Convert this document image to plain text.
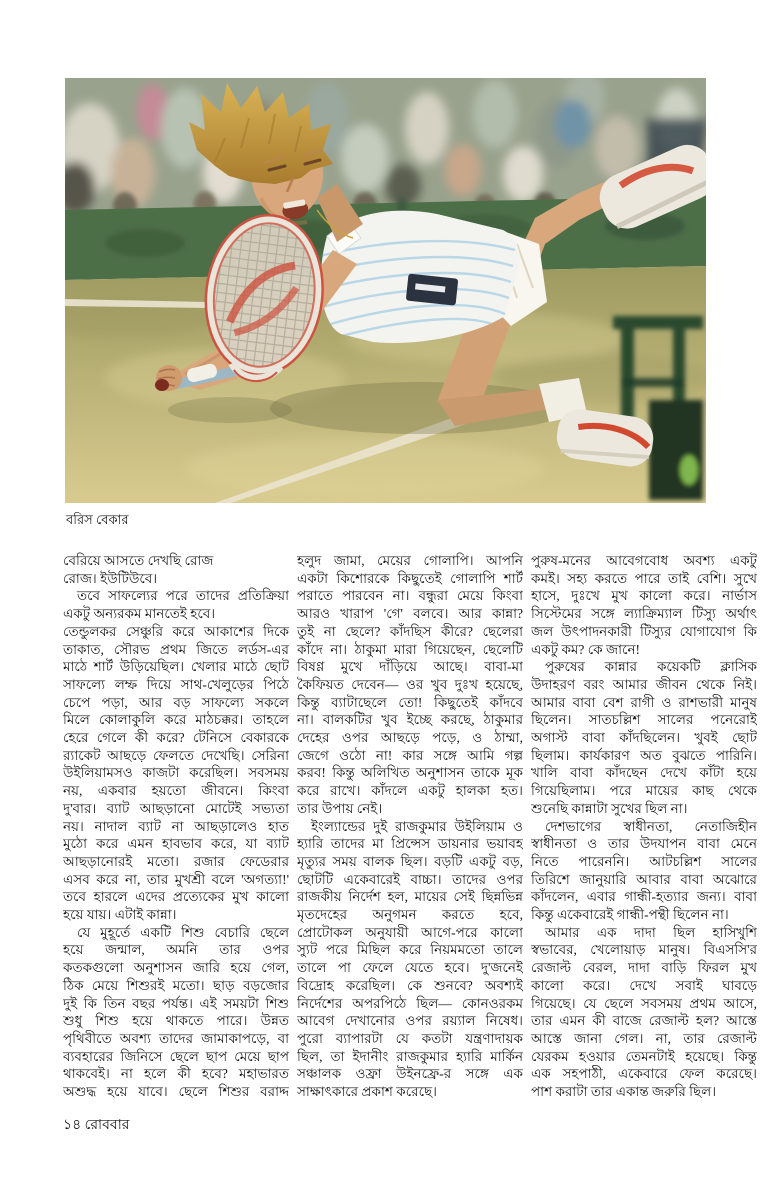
বরিস বেকার
বেরিয়ে আসতে দেখছি রোজ
রোজ। ইউটিউবে।
তবে সাফল্যের পরে তাদের প্রতিক্রিয়া
একটু অন্যরকম মানতেই হবে।
তেন্ডুলকর সেঞ্চুরি করে আকাশের দিকে
তাকাত, সৌরভ প্রথম জিতে লর্ডস-এর
মাঠে শার্ট উড়িয়েছিল। খেলার মাঠে ছোট
সাফল্যে লম্ফ দিয়ে সাথ-খেলুড়ের পিঠে
চেপে পড়া, আর বড় সাফল্যে সকলে
মিলে কোলাকুলি করে মাঠচক্কর। তাহলে
হেরে গেলে কী করে? টেনিসে বেকারকে
র‍্যাকেট আছড়ে ফেলতে দেখেছি। সেরিনা
উইলিয়ামসও কাজটা করেছিল। সবসময়
নয়, একবার হয়তো জীবনে। কিংবা
দু'বার। ব্যাট আছড়ানো মোটেই সভ্যতা
নয়। নাদাল ব্যাট না আছড়ালেও হাত
মুঠো করে এমন হাবভাব করে, যা ব্যাট
আছড়ানোরই মতো। রজার ফেডেরার
এসব করে না, তার মুখশ্রী বলে 'অগত্যা!'
তবে হারলে এদের প্রত্যেকের মুখ কালো
হয়ে যায়। এটাই কান্না।
যে মুহূর্তে একটি শিশু বেচারি ছেলে
হয়ে জন্মাল, অমনি তার ওপর
কতকগুলো অনুশাসন জারি হয়ে গেল,
ঠিক মেয়ে শিশুরই মতো। ছাড় বড়জোর
দুই কি তিন বছর পর্যন্ত। এই সময়টা শিশু
শুধু শিশু হয়ে থাকতে পারে। উন্নত
পৃথিবীতে অবশ্য তাদের জামাকাপড়ে, বা
ব্যবহারের জিনিসে ছেলে ছাপ মেয়ে ছাপ
থাকবেই। না হলে কী হবে? মহাভারত
অশুদ্ধ হয়ে যাবে। ছেলে শিশুর বরাদ্দ
হলুদ জামা, মেয়ের গোলাপি। আপনি
একটা কিশোরকে কিছুতেই গোলাপি শার্ট
পরাতে পারবেন না। বন্ধুরা মেয়ে কিংবা
আরও খারাপ 'গে' বলবে। আর কান্না?
তুই না ছেলে? কাঁদছিস কীরে? ছেলেরা
কাঁদে না। ঠাকুমা মারা গিয়েছেন, ছেলেটি
বিষণ্ণ মুখে দাঁড়িয়ে আছে। বাবা-মা
কৈফিয়ত দেবেন— ওর খুব দুঃখ হয়েছে,
কিন্তু ব্যাটাছেলে তো! কিছুতেই কাঁদবে
না। বালকটির খুব ইচ্ছে করছে, ঠাকুমার
দেহের ওপর আছড়ে পড়ে, ও ঠাম্মা,
জেগে ওঠো না! কার সঙ্গে আমি গল্প
করব! কিন্তু অলিখিত অনুশাসন তাকে মূক
করে রাখে। কাঁদলে একটু হালকা হত।
তার উপায় নেই।
ইংল্যান্ডের দুই রাজকুমার উইলিয়াম ও
হ্যারি তাদের মা প্রিন্সেস ডায়নার ভয়াবহ
মৃত্যুর সময় বালক ছিল। বড়টি একটু বড়,
ছোটটি একেবারেই বাচ্চা। তাদের ওপর
রাজকীয় নির্দেশ হল, মায়ের সেই ছিন্নভিন্ন
মৃতদেহের অনুগমন করতে হবে,
প্রোটোকল অনুযায়ী আগে-পরে কালো
স্যুট পরে মিছিল করে নিয়মমতো তালে
তালে পা ফেলে যেতে হবে। দু'জনেই
বিদ্রোহ করেছিল। কে শুনবে? অবশ্যই
নির্দেশের অপরপিঠে ছিল— কোনওরকম
আবেগ দেখানোর ওপর রয়্যাল নিষেধ।
পুরো ব্যাপারটা যে কতটা যন্ত্রণাদায়ক
ছিল, তা ইদানীং রাজকুমার হ্যারি মার্কিন
সঞ্চালক ওফ্রা উইনফ্রে-র সঙ্গে এক
সাক্ষাৎকারে প্রকাশ করেছে।
পুরুষ-মনের আবেগবোধ অবশ্য একটু
কমই। সহ্য করতে পারে তাই বেশি। সুখে
হাসে, দুঃখে মুখ কালো করে। নার্ভাস
সিস্টেমের সঙ্গে ল্যাক্রিম্যাল টিস্যু অর্থাৎ
জল উৎপাদনকারী টিস্যুর যোগাযোগ কি
একটু কম? কে জানে!
পুরুষের কান্নার কয়েকটি ক্লাসিক
উদাহরণ বরং আমার জীবন থেকে নিই।
আমার বাবা বেশ রাগী ও রাশভারী মানুষ
ছিলেন। সাতচল্লিশ সালের পনেরোই
অগাস্ট বাবা কাঁদছিলেন। খুবই ছোট
ছিলাম। কার্যকারণ অত বুঝতে পারিনি।
খালি বাবা কাঁদছেন দেখে কাঁটা হয়ে
গিয়েছিলাম। পরে মায়ের কাছ থেকে
শুনেছি কান্নাটা সুখের ছিল না।
দেশভাগের স্বাধীনতা, নেতাজিহীন
স্বাধীনতা ও তার উদযাপন বাবা মেনে
নিতে পারেননি। আটচল্লিশ সালের
তিরিশে জানুয়ারি আবার বাবা অঝোরে
কাঁদলেন, এবার গান্ধী-হত্যার জন্য। বাবা
কিন্তু একেবারেই গান্ধী-পন্থী ছিলেন না।
আমার এক দাদা ছিল হাসিখুশি
স্বভাবের, খেলোয়াড় মানুষ। বিএসসি'র
রেজাল্ট বেরল, দাদা বাড়ি ফিরল মুখ
কালো করে। দেখে সবাই ঘাবড়ে
গিয়েছে। যে ছেলে সবসময় প্রথম আসে,
তার এমন কী বাজে রেজাল্ট হল? আস্তে
আস্তে জানা গেল। না, তার রেজাল্ট
যেরকম হওয়ার তেমনটাই হয়েছে। কিন্তু
এক সহপাঠী, একেবারে ফেল করেছে।
পাশ করাটা তার একান্ত জরুরি ছিল।
১৪ রোববার
